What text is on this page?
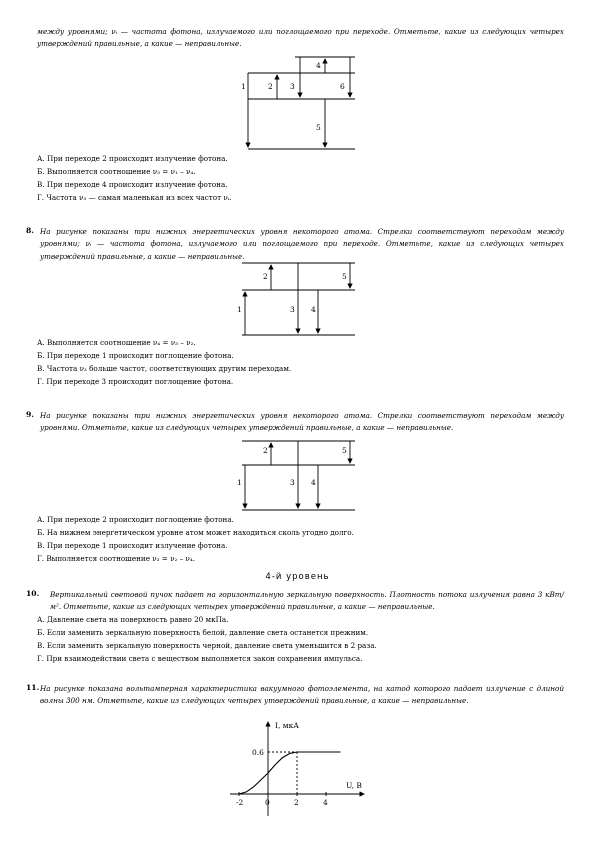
между уровнями; νᵢ — частота фотона, излучаемого или поглощаемого при переходе. Отметьте, какие из следующих четырех утверждений правильные, а какие — неправильные.
1	2 3
4
5
6
А. При переходе 2 происходит излучение фотона.
Б. Выполняется соотношение ν₃ = ν₁ – ν₄.
В. При переходе 4 происходит излучение фотона.
Г. Частота ν₃ — самая маленькая из всех частот νᵢ.
8. На рисунке показаны три нижних энергетических уровня некоторого атома. Стрелки соответствуют переходам между уровнями; νᵢ — частота фотона, излучаемого или поглощаемого при переходе. Отметьте, какие из следующих четырех утверждений правильные, а какие — неправильные.
1
2
3 4
5
А. Выполняется соотношение ν₄ = ν₃ – ν₂.
Б. При переходе 1 происходит поглощение фотона.
В. Частота ν₃ больше частот, соответствующих другим переходам.
Г. При переходе 3 происходит поглощение фотона.
9. На рисунке показаны три нижних энергетических уровня некоторого атома. Стрелки соответствуют переходам между уровнями. Отметьте, какие из следующих четырех утверждений правильные, а какие — неправильные.
1
2
3 4
5
А. При переходе 2 происходит поглощение фотона.
Б. На нижнем энергетическом уровне атом может находиться сколь угодно долго.
В. При переходе 1 происходит излучение фотона.
Г. Выполняется соотношение ν₃ = ν₂ – ν₄.
4-й уровень
10. Вертикальный световой пучок падает на горизонтальную зеркальную поверхность. Плотность потока излучения равна 3 кВт/м². Отметьте, какие из следующих четырех утверждений правильные, а какие — неправильные.
А. Давление света на поверхность равно 20 мкПа.
Б. Если заменить зеркальную поверхность белой, давление света останется прежним.
В. Если заменить зеркальную поверхность черной, давление света уменьшится в 2 раза.
Г. При взаимодействии света с веществом выполняется закон сохранения импульса.
11. На рисунке показана вольтамперная характеристика вакуумного фотоэлемента, на катод которого падает излучение с длиной волны 300 нм. Отметьте, какие из следующих четырех утверждений правильные, а какие — неправильные.
I, мкА
U, В
0.6
-2	0	2	4
